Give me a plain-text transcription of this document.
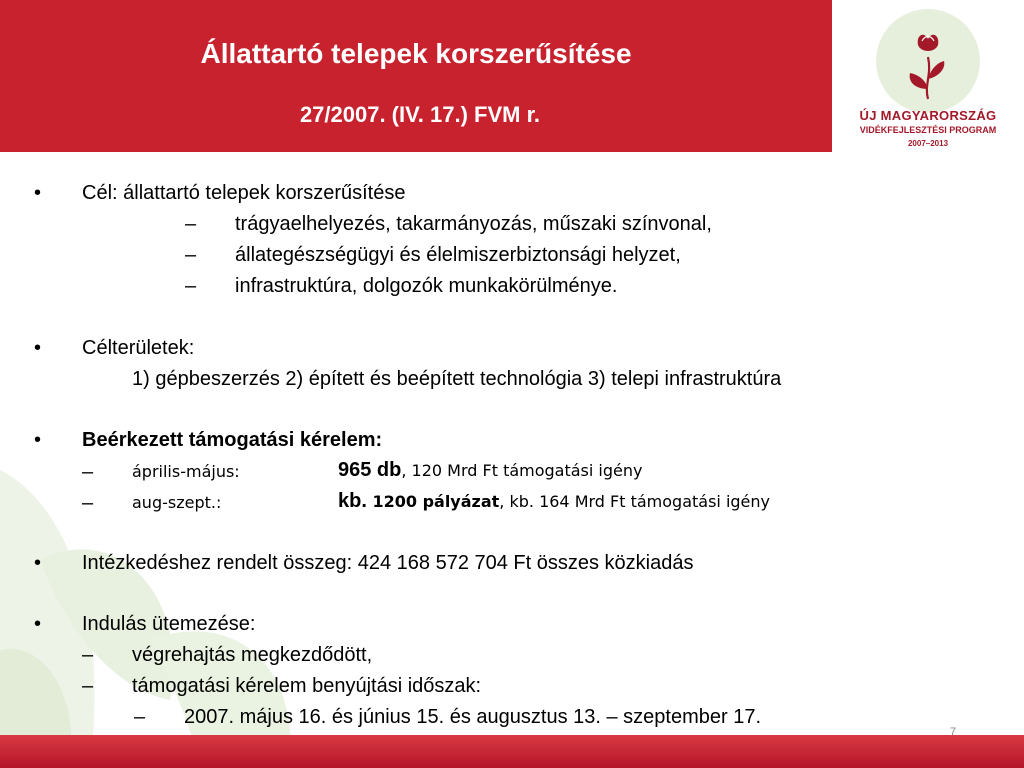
Állattartó telepek korszerűsítése
27/2007. (IV. 17.) FVM r.	ÚJ MAGYARORSZÁG
VIDÉKFEJLESZTÉSI PROGRAM
2007–2013
• Cél: állattartó telepek korszerűsítése
– trágyaelhelyezés, takarmányozás, műszaki színvonal,
– állategészségügyi és élelmiszerbiztonsági helyzet,
– infrastruktúra, dolgozók munkakörülménye.
• Célterületek:
1) gépbeszerzés 2) épített és beépített technológia 3) telepi infrastruktúra
• Beérkezett támogatási kérelem:
– április-május:	965 db, 120 Mrd Ft támogatási igény
– aug-szept.:	kb. 1200 pályázat, kb. 164 Mrd Ft támogatási igény
• Intézkedéshez rendelt összeg: 424 168 572 704 Ft összes közkiadás
• Indulás ütemezése:
– végrehajtás megkezdődött,
– támogatási kérelem benyújtási időszak:
– 2007. május 16. és június 15. és augusztus 13. – szeptember 17.
7
